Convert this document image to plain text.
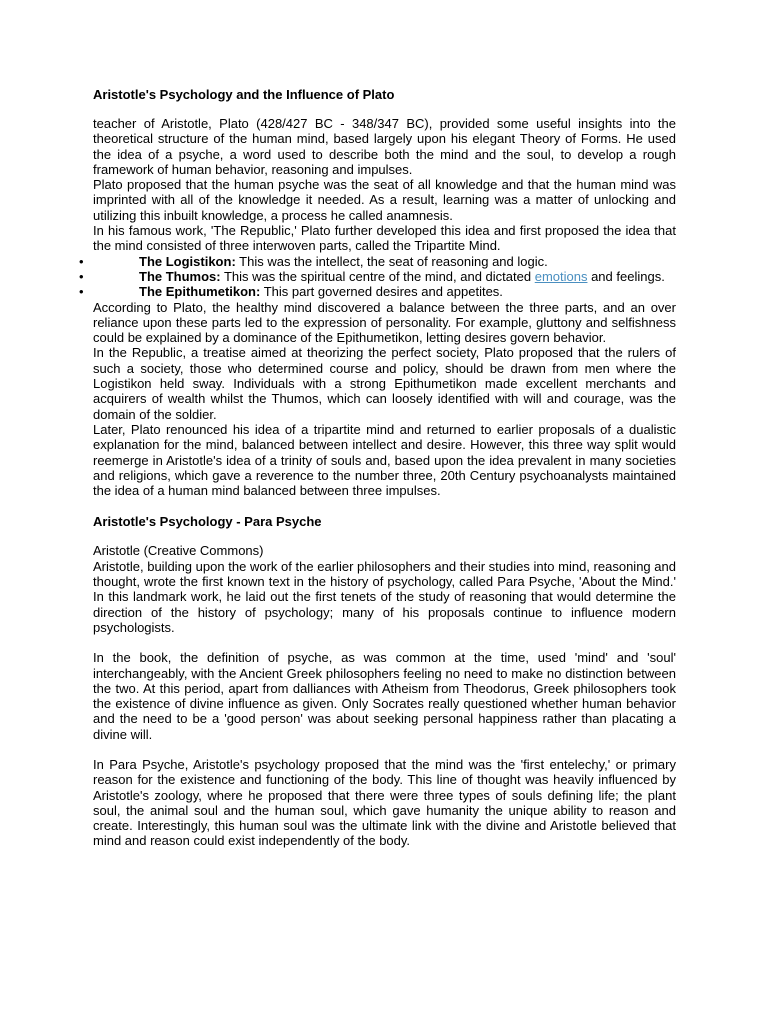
Aristotle's Psychology and the Influence of Plato

teacher of Aristotle, Plato (428/427 BC - 348/347 BC), provided some useful insights into the theoretical structure of the human mind, based largely upon his elegant Theory of Forms. He used the idea of a psyche, a word used to describe both the mind and the soul, to develop a rough framework of human behavior, reasoning and impulses.

Plato proposed that the human psyche was the seat of all knowledge and that the human mind was imprinted with all of the knowledge it needed. As a result, learning was a matter of unlocking and utilizing this inbuilt knowledge, a process he called anamnesis.

In his famous work, 'The Republic,' Plato further developed this idea and first proposed the idea that the mind consisted of three interwoven parts, called the Tripartite Mind.

•	The Logistikon: This was the intellect, the seat of reasoning and logic.
•	The Thumos: This was the spiritual centre of the mind, and dictated emotions and feelings.
•	The Epithumetikon: This part governed desires and appetites.

According to Plato, the healthy mind discovered a balance between the three parts, and an over reliance upon these parts led to the expression of personality. For example, gluttony and selfishness could be explained by a dominance of the Epithumetikon, letting desires govern behavior.

In the Republic, a treatise aimed at theorizing the perfect society, Plato proposed that the rulers of such a society, those who determined course and policy, should be drawn from men where the Logistikon held sway. Individuals with a strong Epithumetikon made excellent merchants and acquirers of wealth whilst the Thumos, which can loosely identified with will and courage, was the domain of the soldier.

Later, Plato renounced his idea of a tripartite mind and returned to earlier proposals of a dualistic explanation for the mind, balanced between intellect and desire. However, this three way split would reemerge in Aristotle's idea of a trinity of souls and, based upon the idea prevalent in many societies and religions, which gave a reverence to the number three, 20th Century psychoanalysts maintained the idea of a human mind balanced between three impulses.

Aristotle's Psychology - Para Psyche

Aristotle (Creative Commons)

Aristotle, building upon the work of the earlier philosophers and their studies into mind, reasoning and thought, wrote the first known text in the history of psychology, called Para Psyche, 'About the Mind.' In this landmark work, he laid out the first tenets of the study of reasoning that would determine the direction of the history of psychology; many of his proposals continue to influence modern psychologists.

In the book, the definition of psyche, as was common at the time, used 'mind' and 'soul' interchangeably, with the Ancient Greek philosophers feeling no need to make no distinction between the two. At this period, apart from dalliances with Atheism from Theodorus, Greek philosophers took the existence of divine influence as given. Only Socrates really questioned whether human behavior and the need to be a 'good person' was about seeking personal happiness rather than placating a divine will.

In Para Psyche, Aristotle's psychology proposed that the mind was the 'first entelechy,' or primary reason for the existence and functioning of the body. This line of thought was heavily influenced by Aristotle's zoology, where he proposed that there were three types of souls defining life; the plant soul, the animal soul and the human soul, which gave humanity the unique ability to reason and create. Interestingly, this human soul was the ultimate link with the divine and Aristotle believed that mind and reason could exist independently of the body.
